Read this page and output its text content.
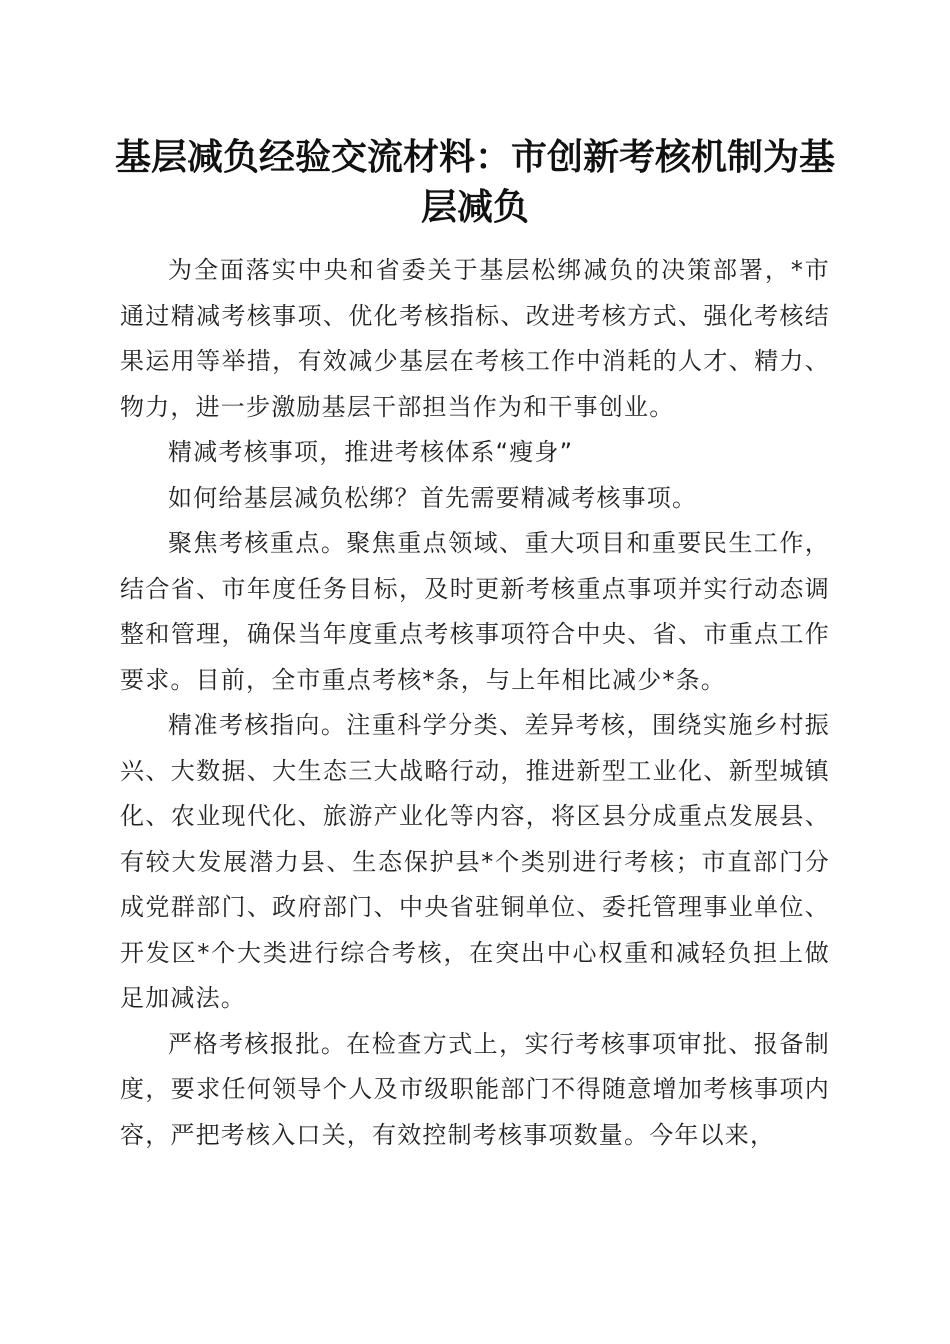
基层减负经验交流材料：市创新考核机制为基层减负

为全面落实中央和省委关于基层松绑减负的决策部署，*市通过精减考核事项、优化考核指标、改进考核方式、强化考核结果运用等举措，有效减少基层在考核工作中消耗的人才、精力、物力，进一步激励基层干部担当作为和干事创业。

精减考核事项，推进考核体系“瘦身”

如何给基层减负松绑？首先需要精减考核事项。

聚焦考核重点。聚焦重点领域、重大项目和重要民生工作，结合省、市年度任务目标，及时更新考核重点事项并实行动态调整和管理，确保当年度重点考核事项符合中央、省、市重点工作要求。目前，全市重点考核*条，与上年相比减少*条。

精准考核指向。注重科学分类、差异考核，围绕实施乡村振兴、大数据、大生态三大战略行动，推进新型工业化、新型城镇化、农业现代化、旅游产业化等内容，将区县分成重点发展县、有较大发展潜力县、生态保护县*个类别进行考核；市直部门分成党群部门、政府部门、中央省驻铜单位、委托管理事业单位、开发区*个大类进行综合考核，在突出中心权重和减轻负担上做足加减法。

严格考核报批。在检查方式上，实行考核事项审批、报备制度，要求任何领导个人及市级职能部门不得随意增加考核事项内容，严把考核入口关，有效控制考核事项数量。今年以来，
